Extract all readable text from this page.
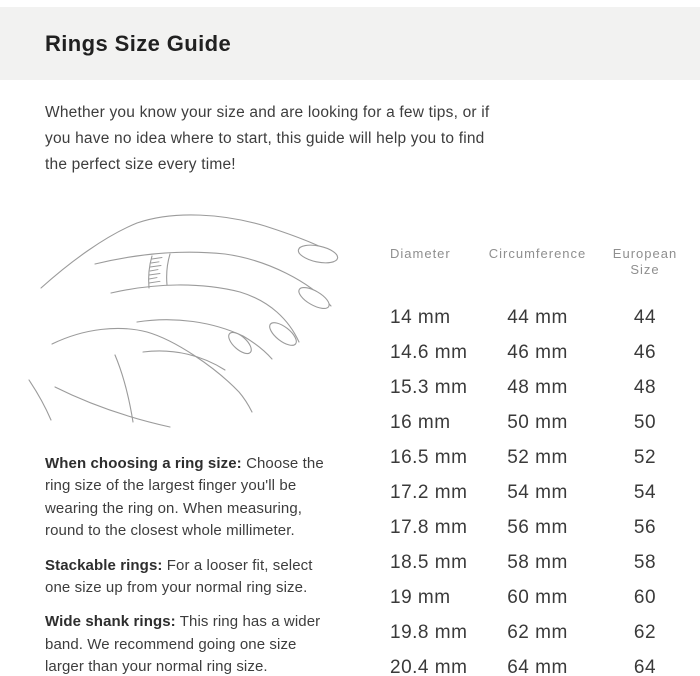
Rings Size Guide

Whether you know your size and are looking for a few tips, or if
you have no idea where to start, this guide will help you to find
the perfect size every time!

When choosing a ring size: Choose the
ring size of the largest finger you'll be
wearing the ring on. When measuring,
round to the closest whole millimeter.

Stackable rings: For a looser fit, select
one size up from your normal ring size.

Wide shank rings: This ring has a wider
band. We recommend going one size
larger than your normal ring size.

Diameter	Circumference	European
Size
14 mm	44 mm	44
14.6 mm	46 mm	46
15.3 mm	48 mm	48
16 mm	50 mm	50
16.5 mm	52 mm	52
17.2 mm	54 mm	54
17.8 mm	56 mm	56
18.5 mm	58 mm	58
19 mm	60 mm	60
19.8 mm	62 mm	62
20.4 mm	64 mm	64
